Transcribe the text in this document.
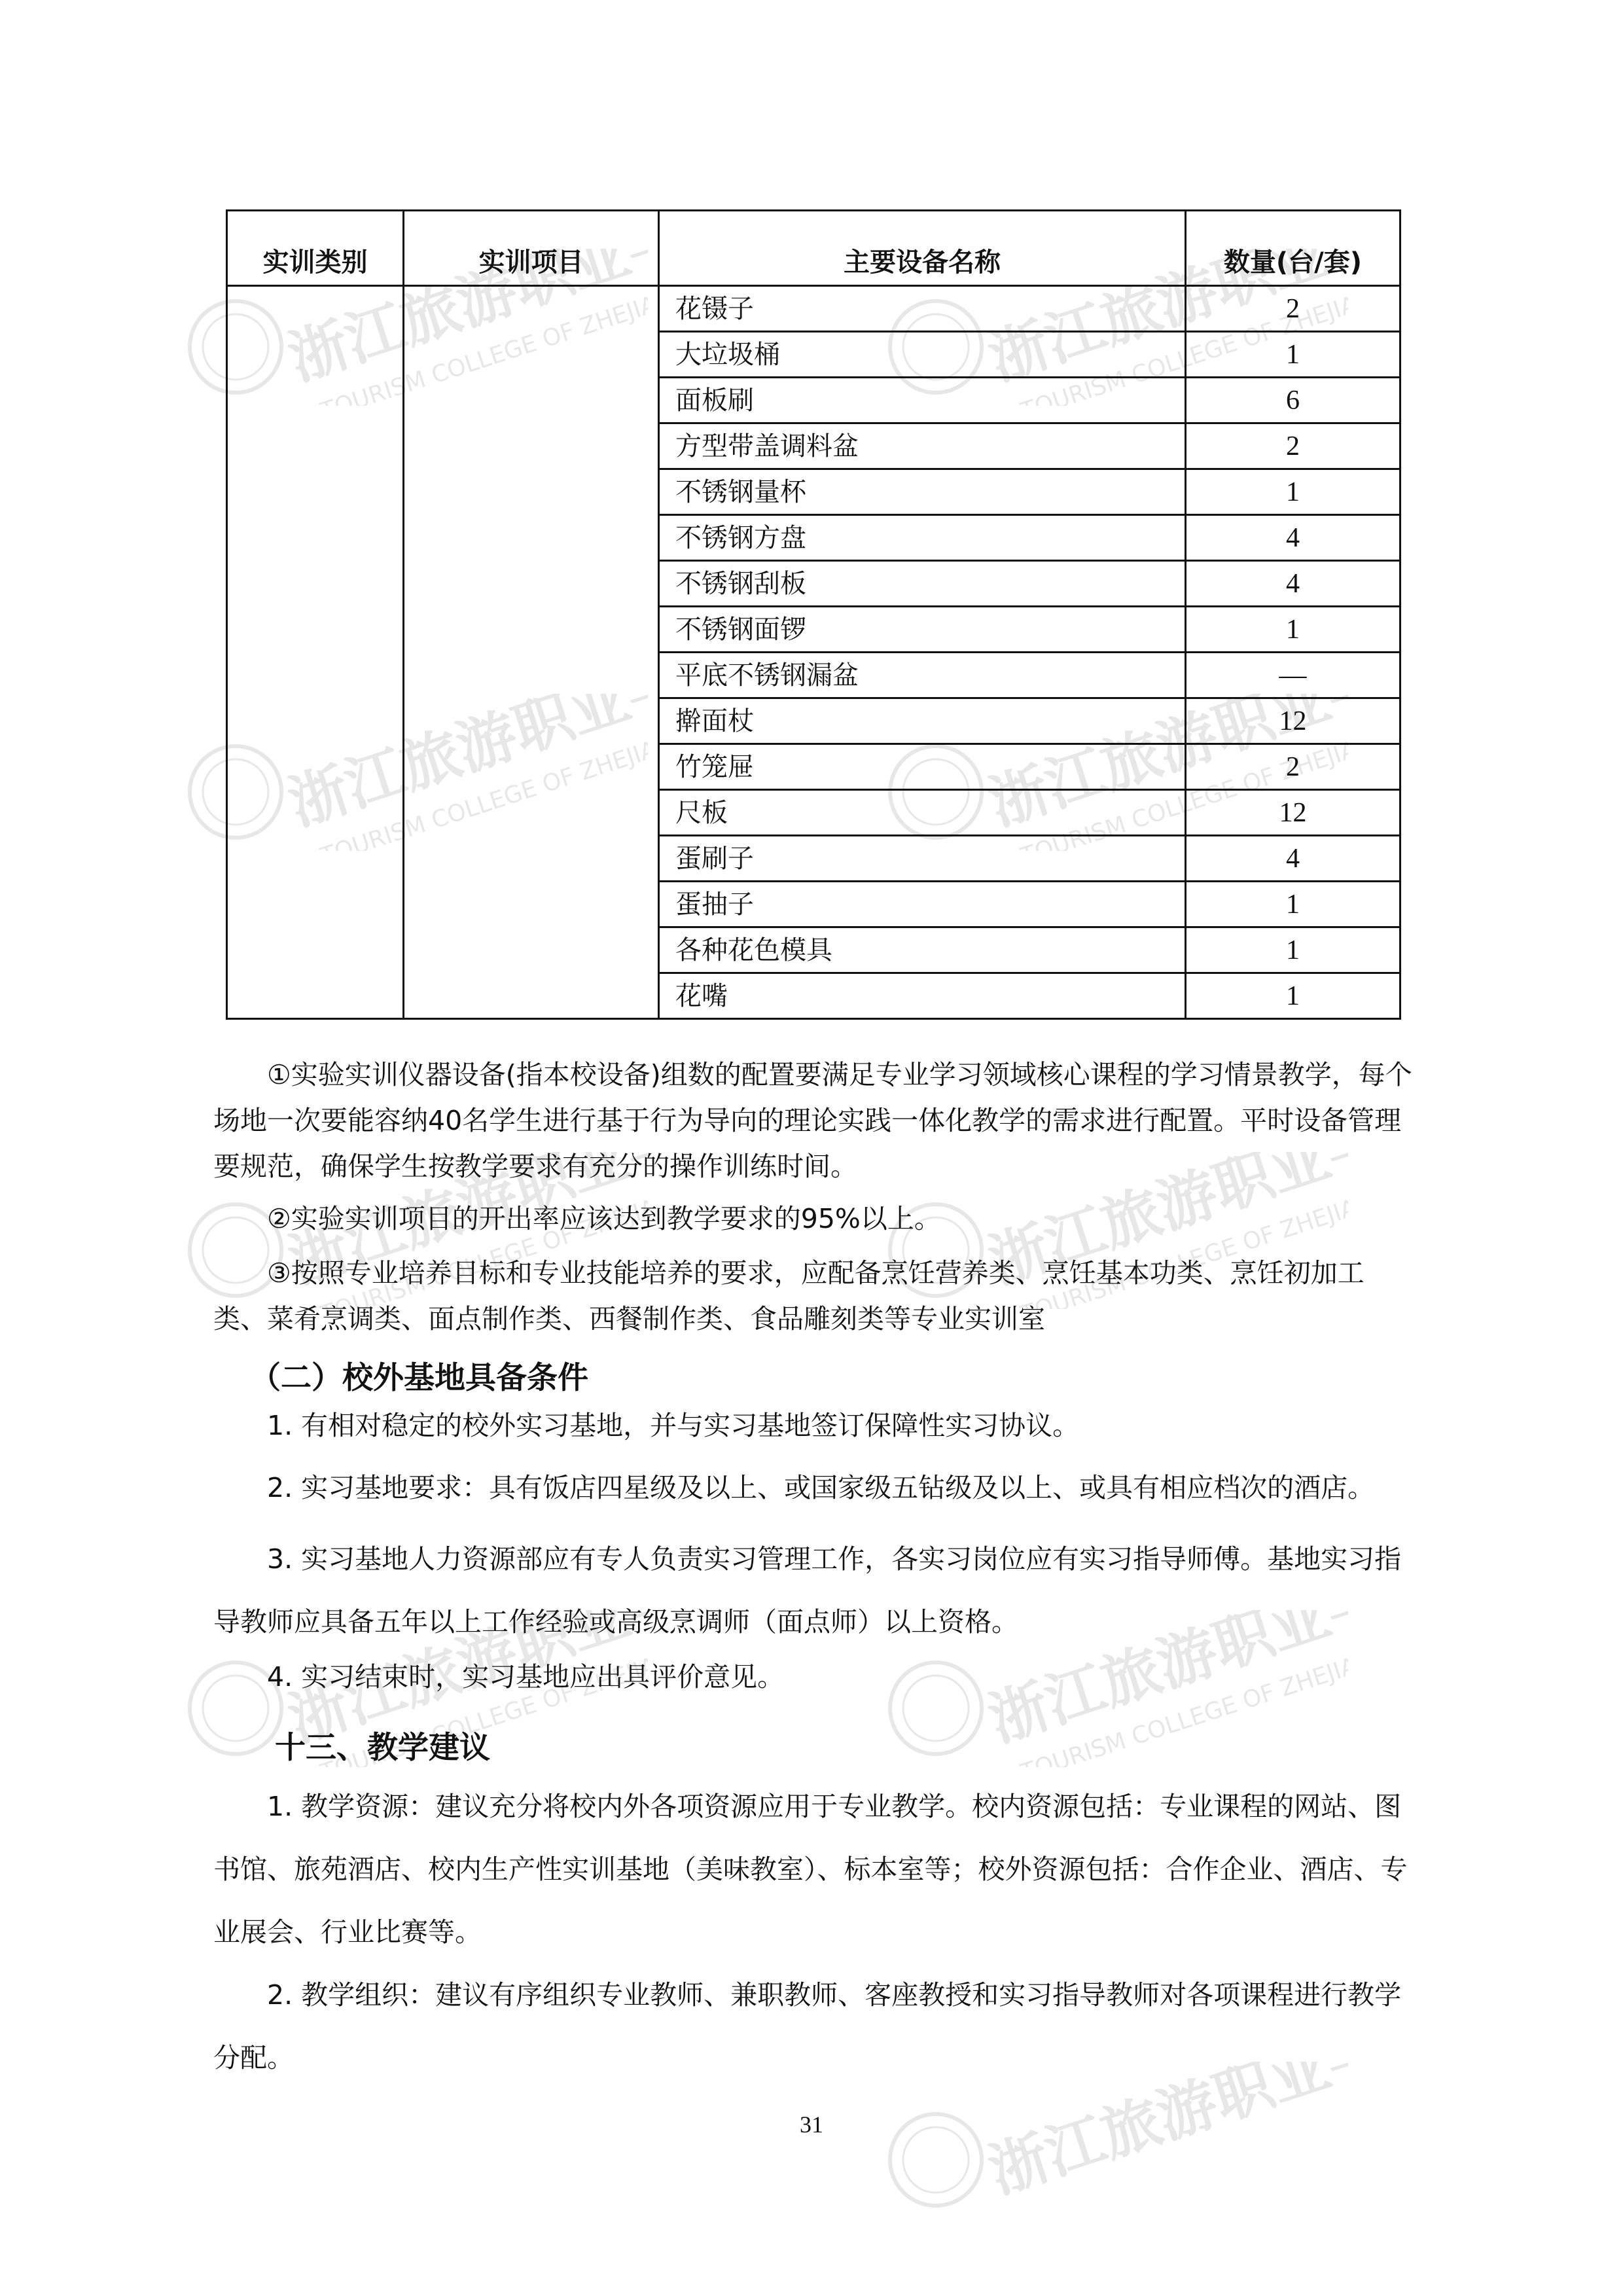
浙江旅游职业学院
TOURISM COLLEGE OF ZHEJIANG	浙江旅游职业学院
TOURISM COLLEGE OF ZHEJIANG
浙江旅游职业学院
TOURISM COLLEGE OF ZHEJIANG	浙江旅游职业学院
TOURISM COLLEGE OF ZHEJIANG
浙江旅游职业学院
TOURISM COLLEGE OF ZHEJIANG	浙江旅游职业学院
TOURISM COLLEGE OF ZHEJIANG
浙江旅游职业学院
TOURISM COLLEGE OF ZHEJIANG	浙江旅游职业学院
TOURISM COLLEGE OF ZHEJIANG
浙江旅游职业学院
实训类别	实训项目	主要设备名称	数量(台/套)
		花镊子	2
		大垃圾桶	1
		面板刷	6
		方型带盖调料盆	2
		不锈钢量杯	1
		不锈钢方盘	4
		不锈钢刮板	4
		不锈钢面锣	1
		平底不锈钢漏盆	—
		擀面杖	12
		竹笼屉	2
		尺板	12
		蛋刷子	4
		蛋抽子	1
		各种花色模具	1
		花嘴	1

①实验实训仪器设备(指本校设备)组数的配置要满足专业学习领域核心课程的学习情景教学，每个场地一次要能容纳40名学生进行基于行为导向的理论实践一体化教学的需求进行配置。平时设备管理要规范，确保学生按教学要求有充分的操作训练时间。

②实验实训项目的开出率应该达到教学要求的95%以上。

③按照专业培养目标和专业技能培养的要求，应配备烹饪营养类、烹饪基本功类、烹饪初加工类、菜肴烹调类、面点制作类、西餐制作类、食品雕刻类等专业实训室

（二）校外基地具备条件

1. 有相对稳定的校外实习基地，并与实习基地签订保障性实习协议。

2. 实习基地要求：具有饭店四星级及以上、或国家级五钻级及以上、或具有相应档次的酒店。

3. 实习基地人力资源部应有专人负责实习管理工作，各实习岗位应有实习指导师傅。基地实习指导教师应具备五年以上工作经验或高级烹调师（面点师）以上资格。

4. 实习结束时，实习基地应出具评价意见。

十三、教学建议

1. 教学资源：建议充分将校内外各项资源应用于专业教学。校内资源包括：专业课程的网站、图书馆、旅苑酒店、校内生产性实训基地（美味教室）、标本室等；校外资源包括：合作企业、酒店、专业展会、行业比赛等。

2. 教学组织：建议有序组织专业教师、兼职教师、客座教授和实习指导教师对各项课程进行教学分配。

31
